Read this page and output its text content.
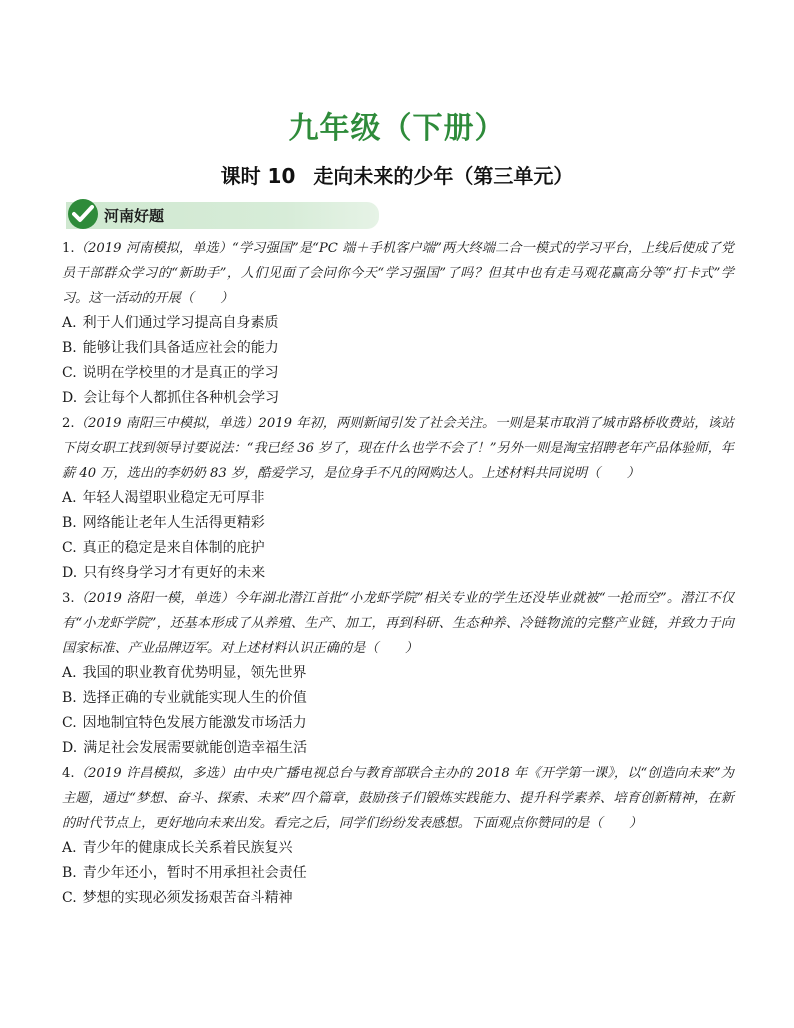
九年级（下册）
课时 10 走向未来的少年（第三单元）
河南好题

1.（2019 河南模拟，单选）“学习强国”是“PC 端＋手机客户端”两大终端二合一模式的学习平台，上线后使成了党员干部群众学习的“新助手”，人们见面了会问你今天“学习强国”了吗？但其中也有走马观花赢高分等“打卡式”学习。这一活动的开展（　　）

A. 利于人们通过学习提高自身素质

B. 能够让我们具备适应社会的能力

C. 说明在学校里的才是真正的学习

D. 会让每个人都抓住各种机会学习

2.（2019 南阳三中模拟，单选）2019 年初，两则新闻引发了社会关注。一则是某市取消了城市路桥收费站，该站下岗女职工找到领导讨要说法：“我已经 36 岁了，现在什么也学不会了！”另外一则是淘宝招聘老年产品体验师，年薪 40 万，选出的李奶奶 83 岁，酷爱学习，是位身手不凡的网购达人。上述材料共同说明（　　）

A. 年轻人渴望职业稳定无可厚非

B. 网络能让老年人生活得更精彩

C. 真正的稳定是来自体制的庇护

D. 只有终身学习才有更好的未来

3.（2019 洛阳一模，单选）今年湖北潜江首批“小龙虾学院”相关专业的学生还没毕业就被“一抢而空”。潜江不仅有“小龙虾学院”，还基本形成了从养殖、生产、加工，再到科研、生态种养、冷链物流的完整产业链，并致力于向国家标准、产业品牌迈军。对上述材料认识正确的是（　　）

A. 我国的职业教育优势明显，领先世界

B. 选择正确的专业就能实现人生的价值

C. 因地制宜特色发展方能激发市场活力

D. 满足社会发展需要就能创造幸福生活

4.（2019 许昌模拟，多选）由中央广播电视总台与教育部联合主办的 2018 年《开学第一课》，以“创造向未来”为主题，通过“梦想、奋斗、探索、未来”四个篇章，鼓励孩子们锻炼实践能力、提升科学素养、培育创新精神，在新的时代节点上，更好地向未来出发。看完之后，同学们纷纷发表感想。下面观点你赞同的是（　　）

A. 青少年的健康成长关系着民族复兴

B. 青少年还小，暂时不用承担社会责任

C. 梦想的实现必须发扬艰苦奋斗精神
